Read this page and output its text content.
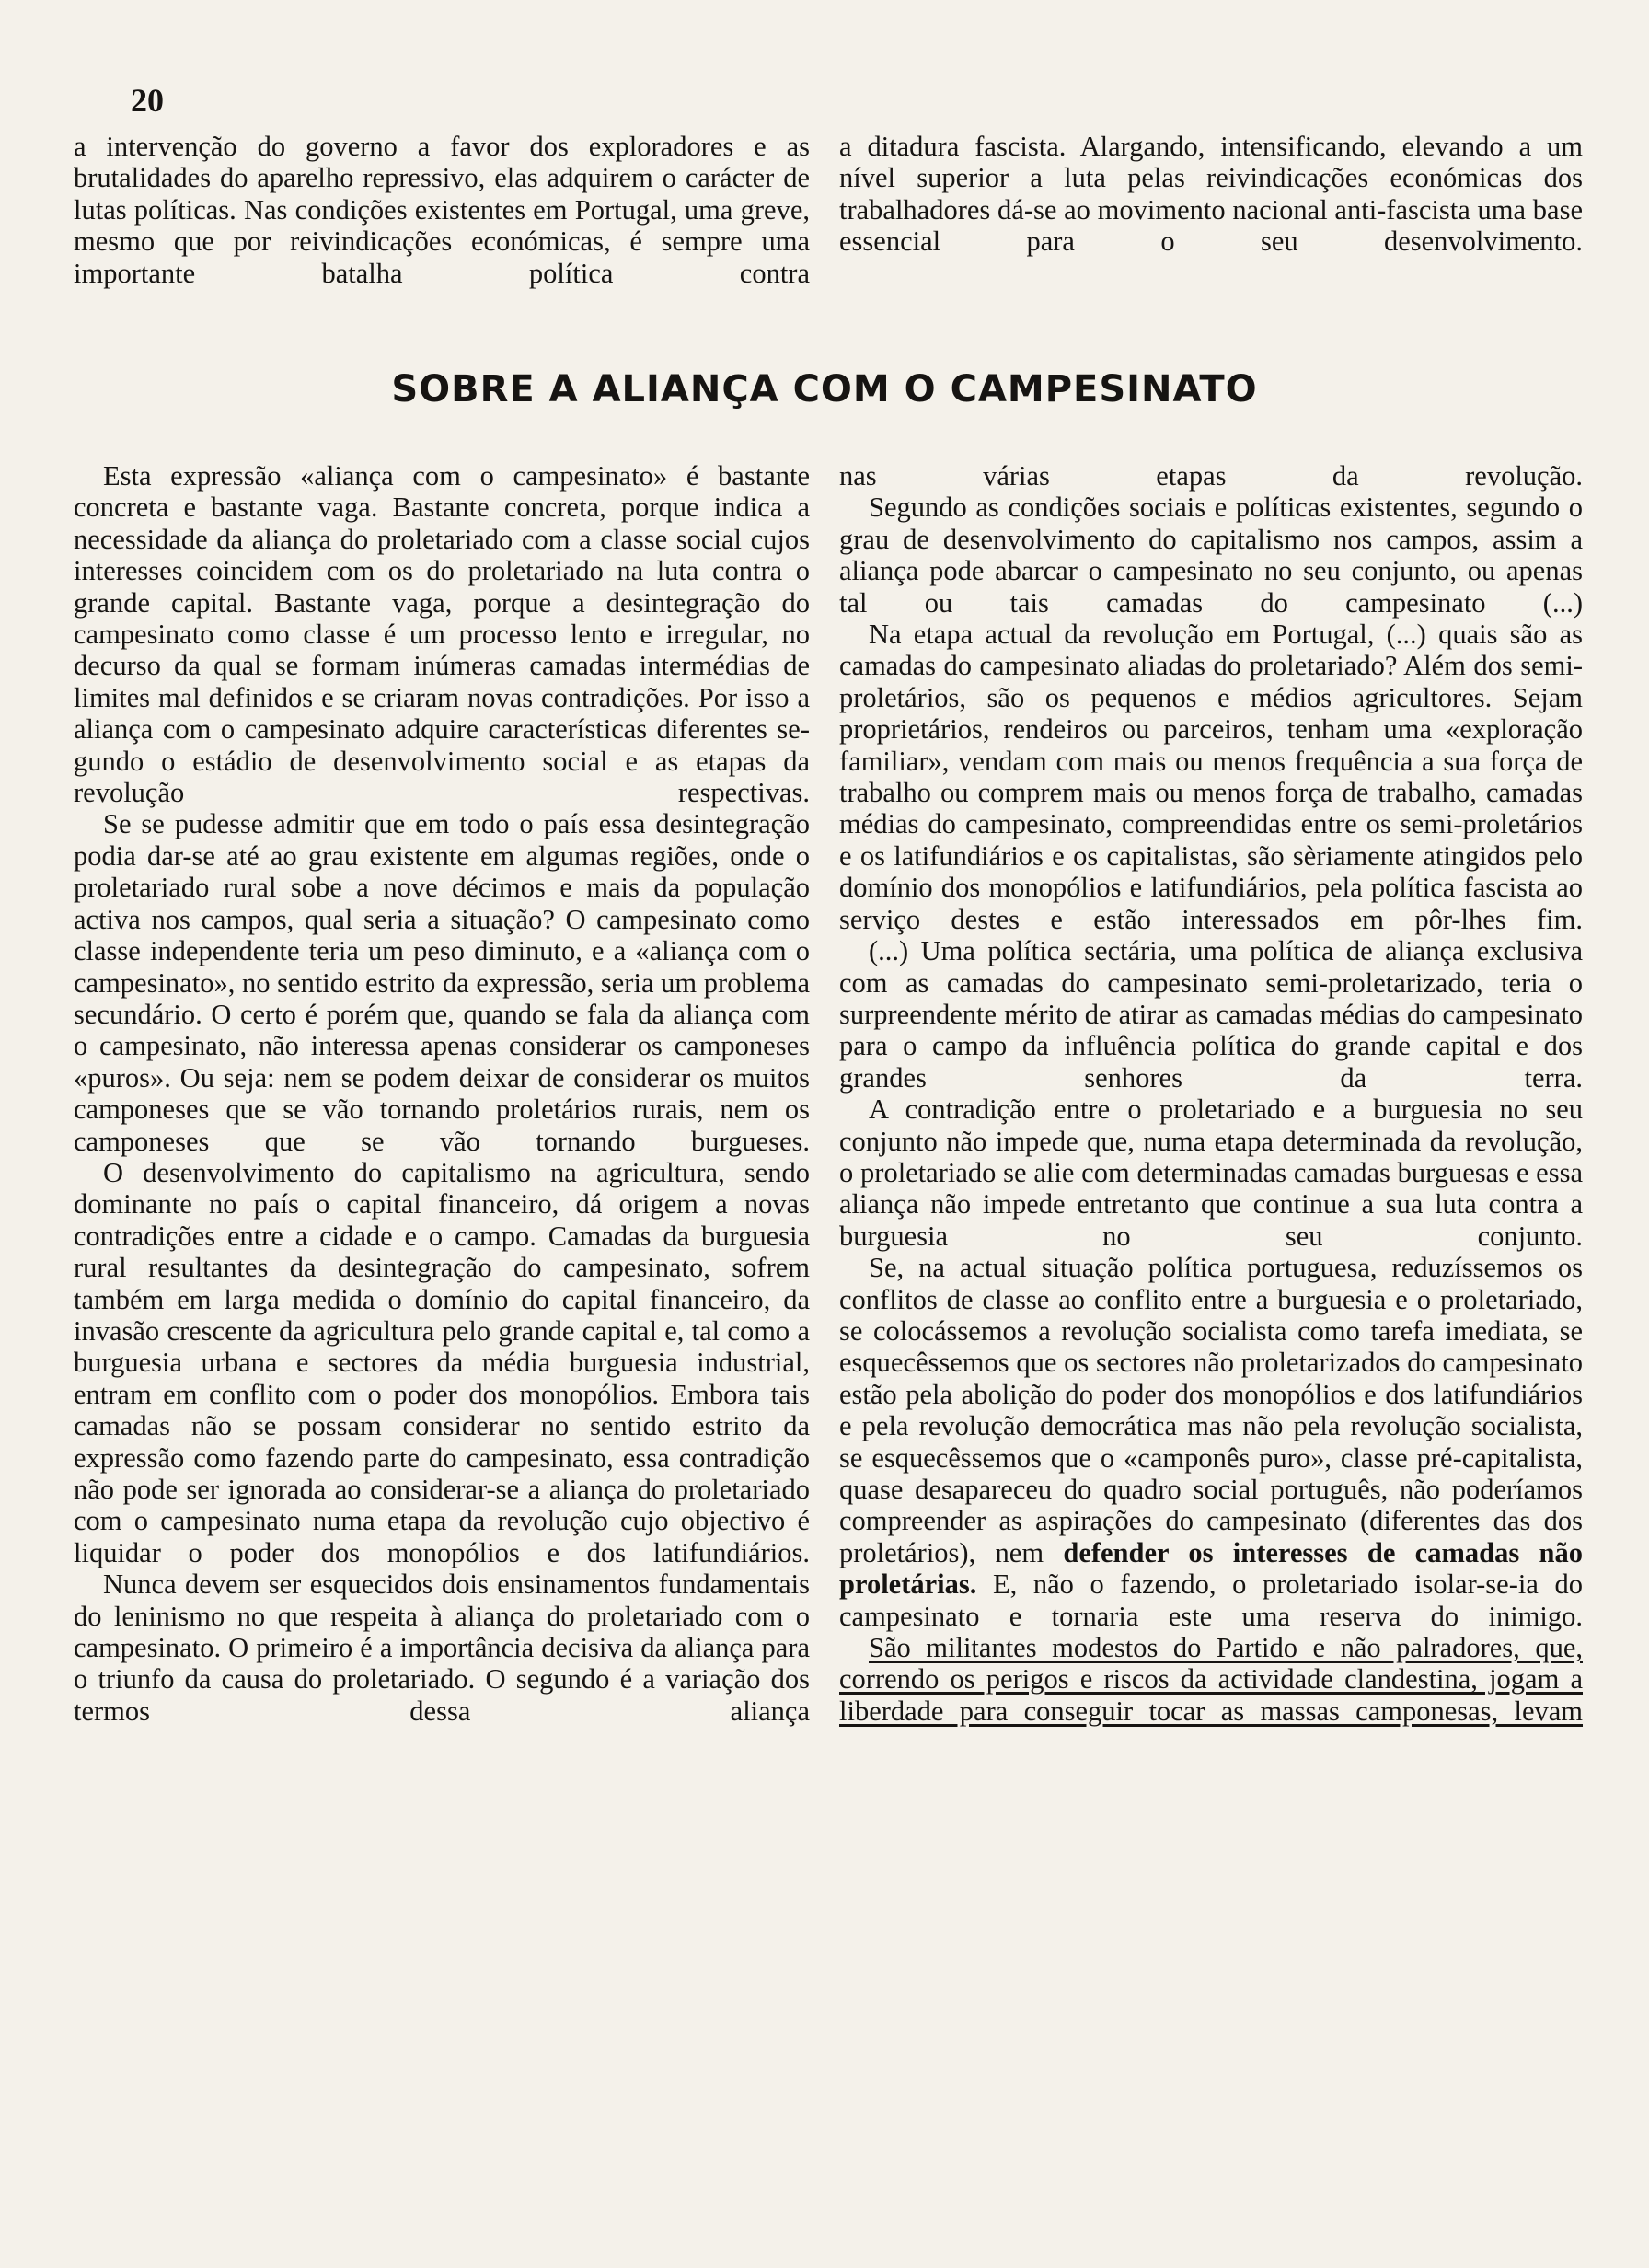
20

a intervenção do governo a favor dos exploradores e as brutalidades do aparelho repressivo, elas adquirem o carácter de lutas políticas. Nas condições existentes em Portugal, uma greve, mesmo que por reivindicações económicas, é sempre uma importante batalha política contra

a ditadura fascista. Alargando, intensificando, elevando a um nível superior a luta pelas reivindicações económicas dos trabalhadores dá-se ao movimento nacional anti-fascista uma base essencial para o seu desenvolvimento.

SOBRE A ALIANÇA COM O CAMPESINATO

Esta expressão «aliança com o campesinato» é bastante concreta e bastante vaga. Bastante concreta, porque indica a necessidade da aliança do proletariado com a classe social cujos interesses coincidem com os do proletariado na luta contra o grande capital. Bastante vaga, porque a desintegração do campesinato como classe é um processo lento e irregular, no decurso da qual se formam inúmeras camadas intermédias de limites mal definidos e se criaram novas contradições. Por isso a aliança com o campesinato adquire características diferentes segundo o estádio de desenvolvimento social e as etapas da revolução respectivas.

Se se pudesse admitir que em todo o país essa desintegração podia dar-se até ao grau existente em algumas regiões, onde o proletariado rural sobe a nove décimos e mais da população activa nos campos, qual seria a situação? O campesinato como classe independente teria um peso diminuto, e a «aliança com o campesinato», no sentido estrito da expressão, seria um problema secundário. O certo é porém que, quando se fala da aliança com o campesinato, não interessa apenas considerar os camponeses «puros». Ou seja: nem se podem deixar de considerar os muitos camponeses que se vão tornando proletários rurais, nem os camponeses que se vão tornando burgueses.

O desenvolvimento do capitalismo na agricultura, sendo dominante no país o capital financeiro, dá origem a novas contradições entre a cidade e o campo. Camadas da burguesia rural resultantes da desintegração do campesinato, sofrem também em larga medida o domínio do capital financeiro, da invasão crescente da agricultura pelo grande capital e, tal como a burguesia urbana e sectores da média burguesia industrial, entram em conflito com o poder dos monopólios. Embora tais camadas não se possam considerar no sentido estrito da expressão como fazendo parte do campesinato, essa contradição não pode ser ignorada ao considerar-se a aliança do proletariado com o campesinato numa etapa da revolução cujo objectivo é liquidar o poder dos monopólios e dos latifundiários.

Nunca devem ser esquecidos dois ensinamentos fundamentais do leninismo no que respeita à aliança do proletariado com o campesinato. O primeiro é a importância decisiva da aliança para o triunfo da causa do proletariado. O segundo é a variação dos termos dessa aliança

nas várias etapas da revolução.

Segundo as condições sociais e políticas existentes, segundo o grau de desenvolvimento do capitalismo nos campos, assim a aliança pode abarcar o campesinato no seu conjunto, ou apenas tal ou tais camadas do campesinato (...)

Na etapa actual da revolução em Portugal, (...) quais são as camadas do campesinato aliadas do proletariado? Além dos semi-proletários, são os pequenos e médios agricultores. Sejam proprietários, rendeiros ou parceiros, tenham uma «exploração familiar», vendam com mais ou menos frequência a sua força de trabalho ou comprem mais ou menos força de trabalho, camadas médias do campesinato, compreendidas entre os semi-proletários e os latifundiários e os capitalistas, são sèriamente atingidos pelo domínio dos monopólios e latifundiários, pela política fascista ao serviço destes e estão interessados em pôr-lhes fim.

(...) Uma política sectária, uma política de aliança exclusiva com as camadas do campesinato semi-proletarizado, teria o surpreendente mérito de atirar as camadas médias do campesinato para o campo da influência política do grande capital e dos grandes senhores da terra.

A contradição entre o proletariado e a burguesia no seu conjunto não impede que, numa etapa determinada da revolução, o proletariado se alie com determinadas camadas burguesas e essa aliança não impede entretanto que continue a sua luta contra a burguesia no seu conjunto.

Se, na actual situação política portuguesa, reduzíssemos os conflitos de classe ao conflito entre a burguesia e o proletariado, se colocássemos a revolução socialista como tarefa imediata, se esquecêssemos que os sectores não proletarizados do campesinato estão pela abolição do poder dos monopólios e dos latifundiários e pela revolução democrática mas não pela revolução socialista, se esquecêssemos que o «camponês puro», classe pré-capitalista, quase desapareceu do quadro social português, não poderíamos compreender as aspirações do campesinato (diferentes das dos proletários), nem defender os interesses de camadas não proletárias. E, não o fazendo, o proletariado isolar-se-ia do campesinato e tornaria este uma reserva do inimigo.

São militantes modestos do Partido e não palradores, que, correndo os perigos e riscos da actividade clandestina, jogam a liberdade para conseguir tocar as massas camponesas, levam
